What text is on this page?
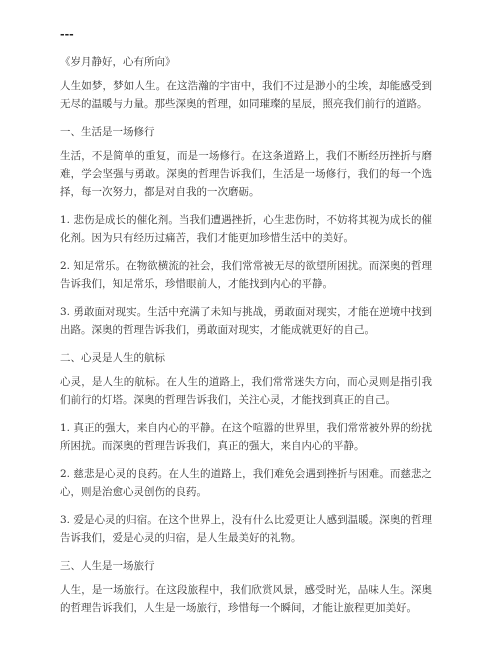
---
《岁月静好，心有所向》
人生如梦，梦如人生。在这浩瀚的宇宙中，我们不过是渺小的尘埃，却能感受到无尽的温暖与力量。那些深奥的哲理，如同璀璨的星辰，照亮我们前行的道路。
一、生活是一场修行
生活，不是简单的重复，而是一场修行。在这条道路上，我们不断经历挫折与磨难，学会坚强与勇敢。深奥的哲理告诉我们，生活是一场修行，我们的每一个选择，每一次努力，都是对自我的一次磨砺。
1. 悲伤是成长的催化剂。当我们遭遇挫折，心生悲伤时，不妨将其视为成长的催化剂。因为只有经历过痛苦，我们才能更加珍惜生活中的美好。
2. 知足常乐。在物欲横流的社会，我们常常被无尽的欲望所困扰。而深奥的哲理告诉我们，知足常乐，珍惜眼前人，才能找到内心的平静。
3. 勇敢面对现实。生活中充满了未知与挑战，勇敢面对现实，才能在逆境中找到出路。深奥的哲理告诉我们，勇敢面对现实，才能成就更好的自己。
二、心灵是人生的航标
心灵，是人生的航标。在人生的道路上，我们常常迷失方向，而心灵则是指引我们前行的灯塔。深奥的哲理告诉我们，关注心灵，才能找到真正的自己。
1. 真正的强大，来自内心的平静。在这个喧嚣的世界里，我们常常被外界的纷扰所困扰。而深奥的哲理告诉我们，真正的强大，来自内心的平静。
2. 慈悲是心灵的良药。在人生的道路上，我们难免会遇到挫折与困难。而慈悲之心，则是治愈心灵创伤的良药。
3. 爱是心灵的归宿。在这个世界上，没有什么比爱更让人感到温暖。深奥的哲理告诉我们，爱是心灵的归宿，是人生最美好的礼物。
三、人生是一场旅行
人生，是一场旅行。在这段旅程中，我们欣赏风景，感受时光，品味人生。深奥的哲理告诉我们，人生是一场旅行，珍惜每一个瞬间，才能让旅程更加美好。
